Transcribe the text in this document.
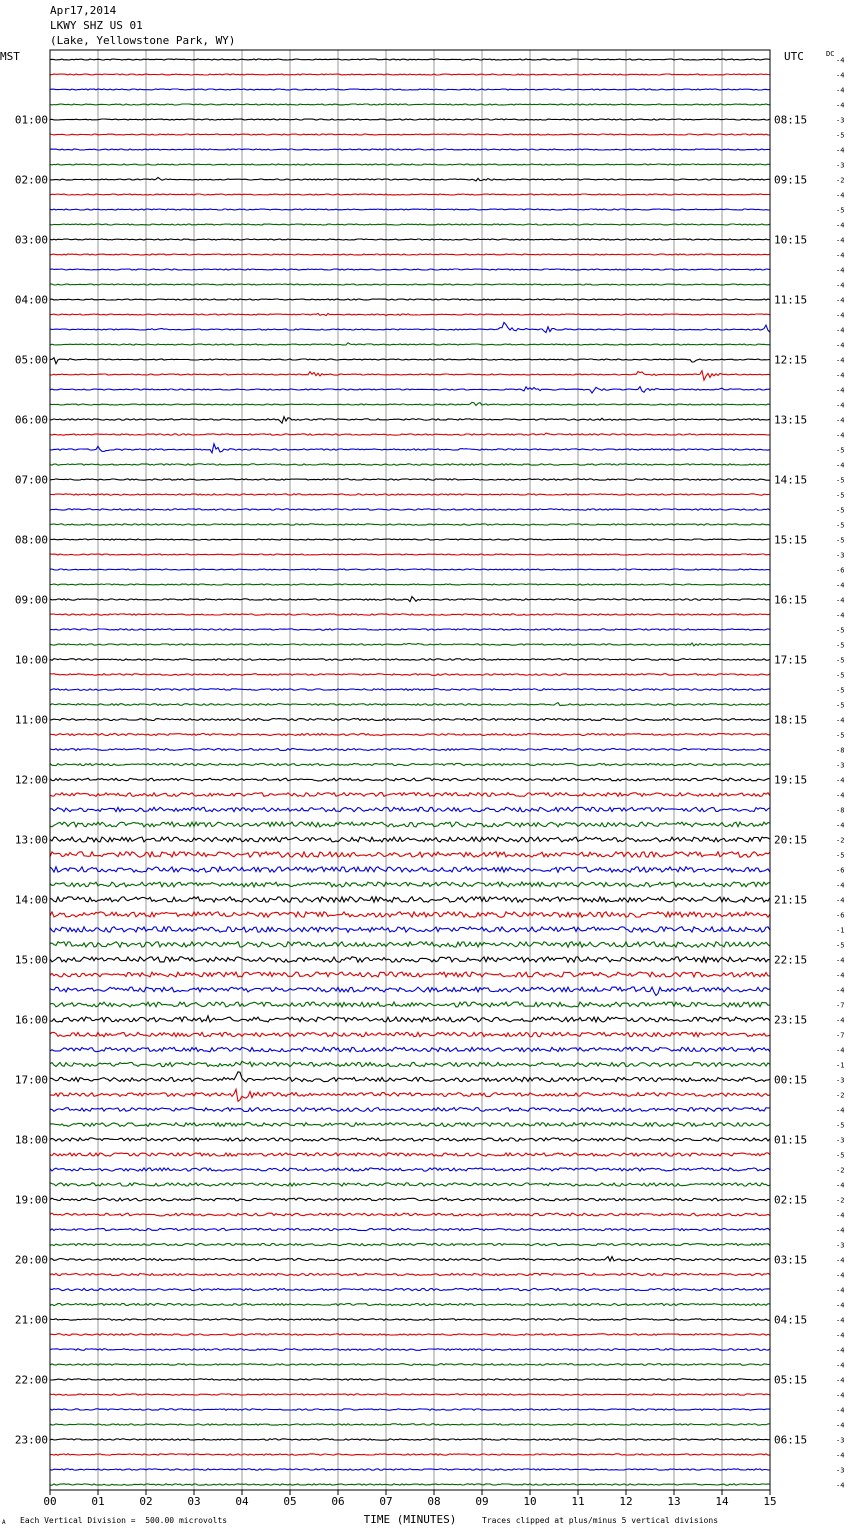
Apr17,2014
LKWY SHZ US 01
(Lake, Yellowstone Park, WY)
A Each Vertical Division =  500.00 microvolts	Traces clipped at plus/minus 5 vertical divisions
00	01	02	03	04	05	06	07	08	09	10	11	12	13	14	15
TIME (MINUTES)
MST	UTC	DC
-4
-4
-4
-4
-3
01:00	08:15
-5
-4
-3
-2
02:00	09:15
-4
-5
-4
-4
03:00	10:15
-4
-4
-4
-4
04:00	11:15
-4
-4
-4
-4
05:00	12:15
-4
-4
-4
-4
06:00	13:15
-4
-5
-4
-5
07:00	14:15
-5
-5
-5
-5
08:00	15:15
-3
-6
-4
-4
09:00	16:15
-4
-5
-5
-5
10:00	17:15
-5
-5
-5
-4
11:00	18:15
-5
-8
-3
-4
12:00	19:15
-4
-8
-4
-2
13:00	20:15
-5
-6
-4
-4
14:00	21:15
-6
-1
-5
-4
15:00	22:15
-4
-4
-7
-4
16:00	23:15
-7
-4
-1
-3
17:00	00:15
-2
-4
-5
-3
18:00	01:15
-5
-2
-4
-2
19:00	02:15
-4
-4
-3
-4
20:00	03:15
-4
-4
-4
-4
21:00	04:15
-4
-4
-4
-4
22:00	05:15
-4
-4
-4
-3
23:00	06:15
-4
-3
-4
